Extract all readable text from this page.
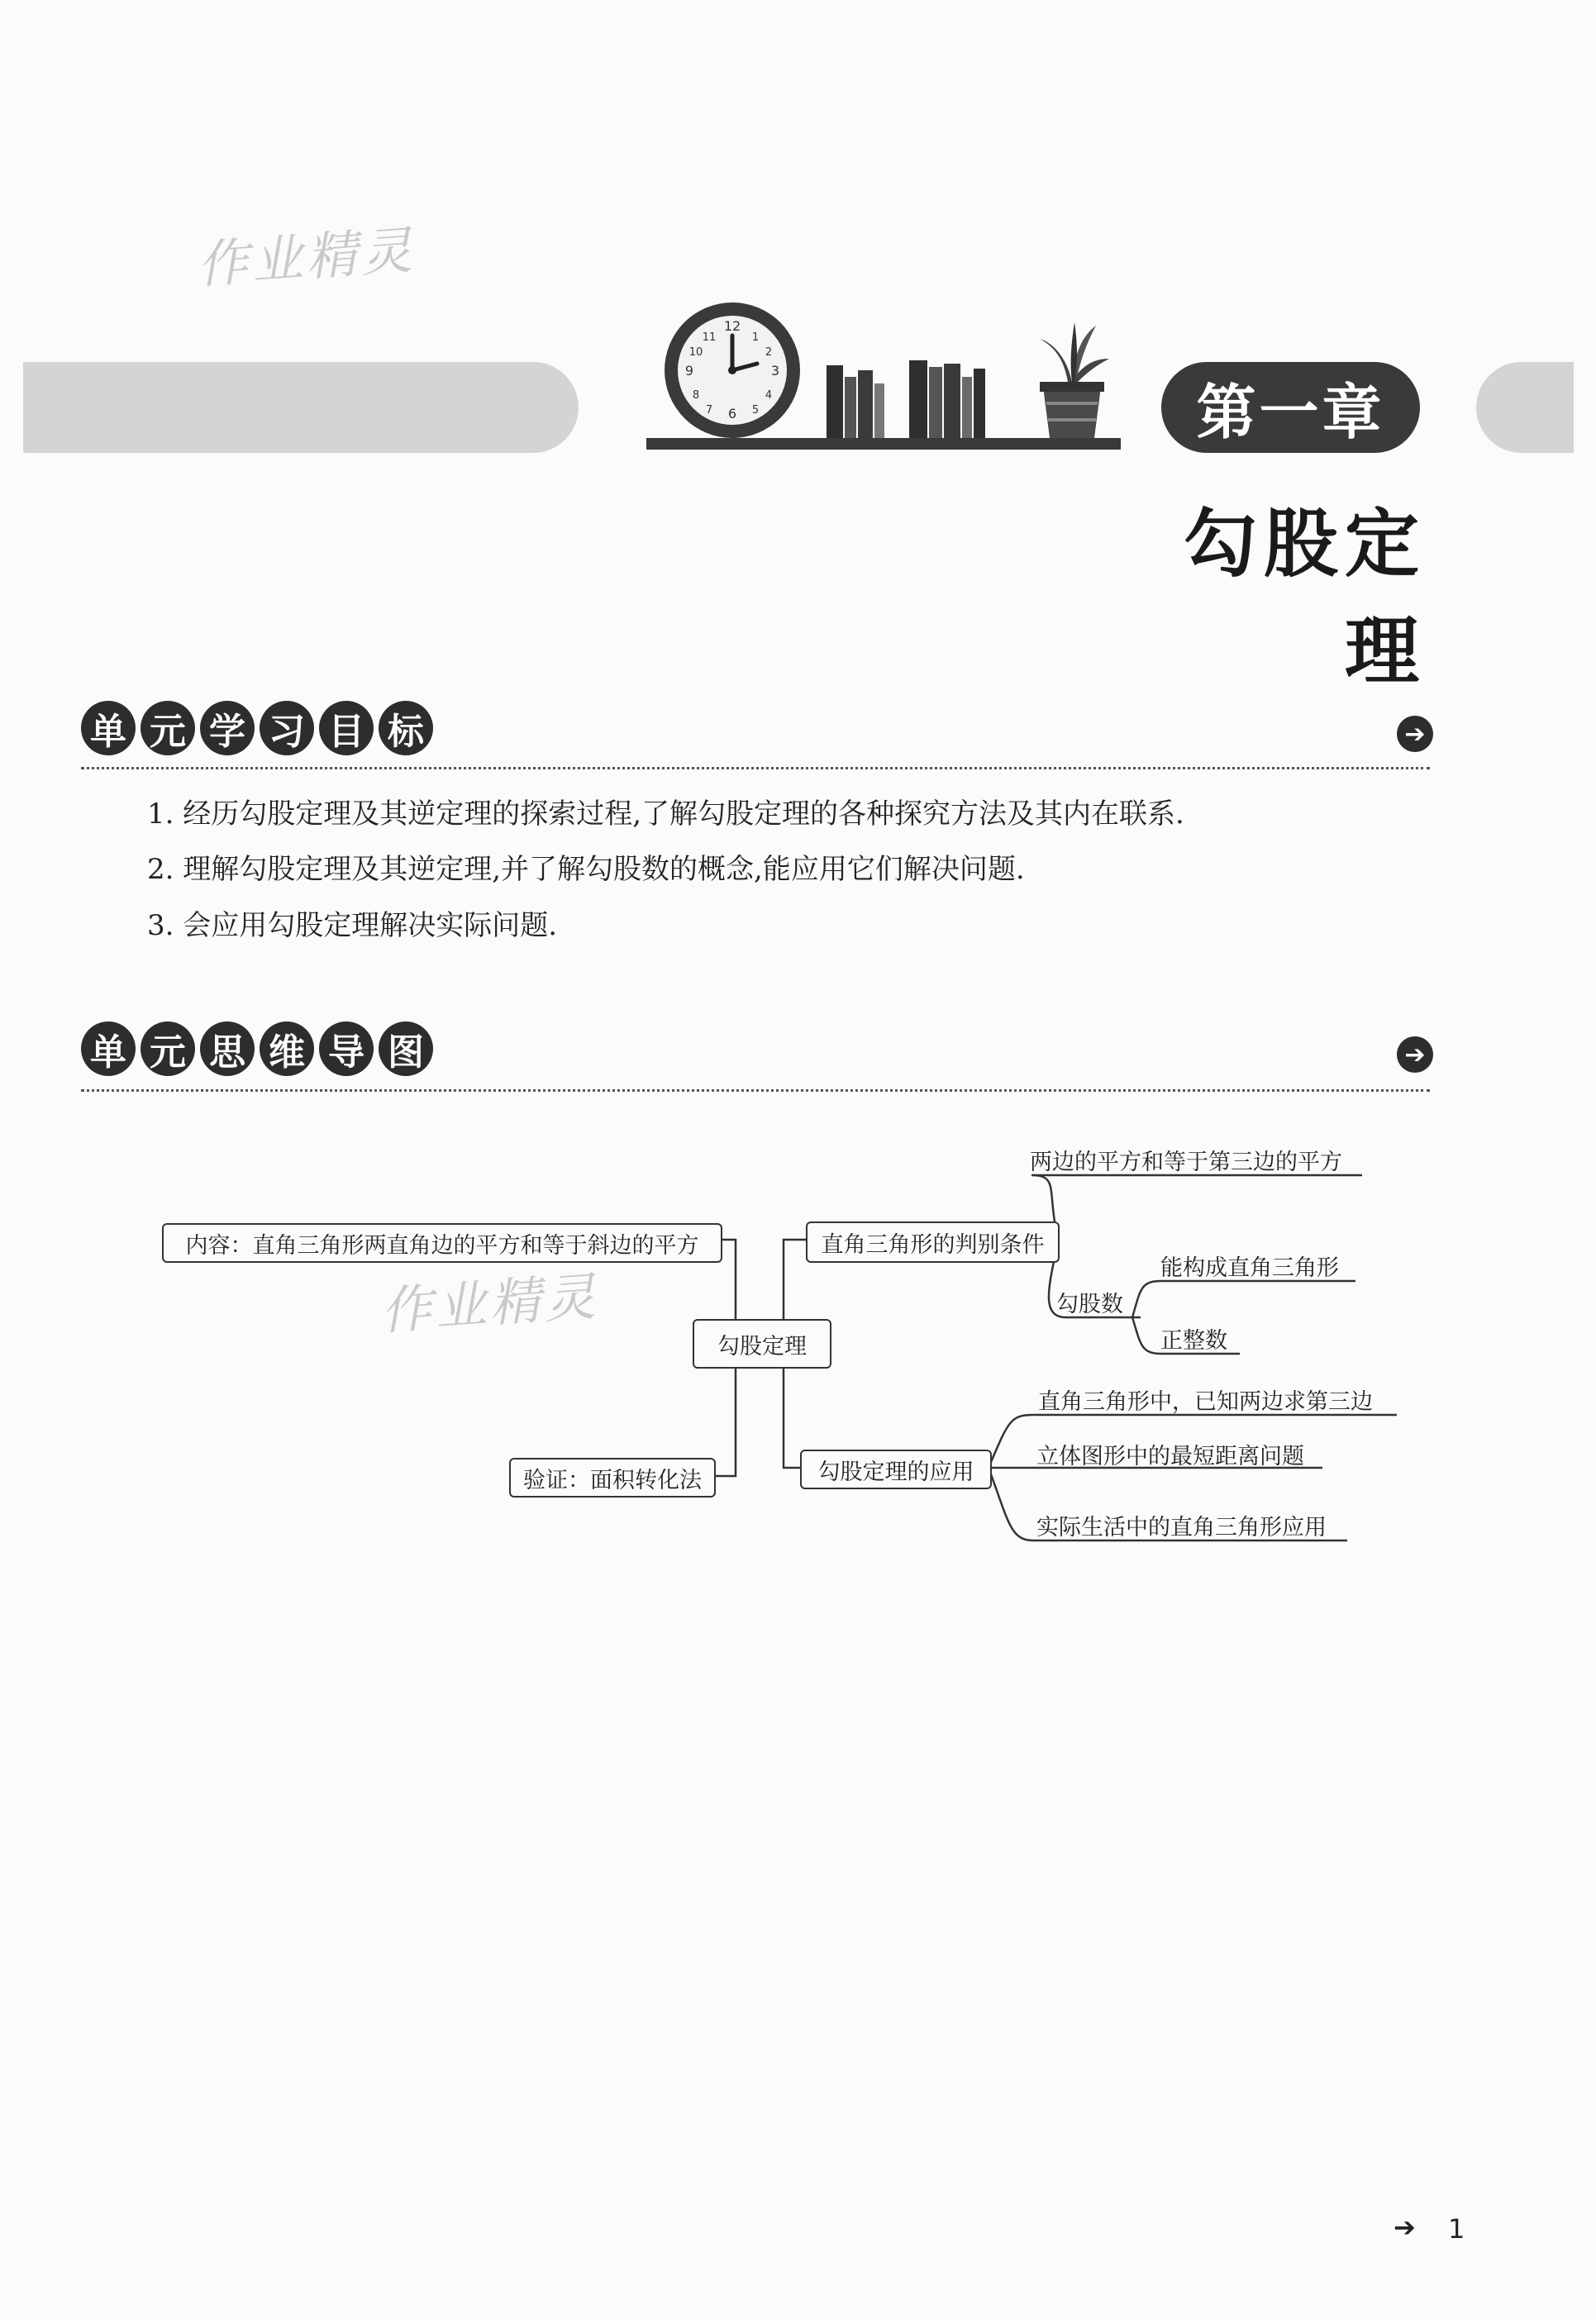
作业精灵
12
3
6
9
1
2
4
5
7
8
10
11
第一章
勾股定理
单 元 学 习 目 标	➔
1. 经历勾股定理及其逆定理的探索过程,了解勾股定理的各种探究方法及其内在联系.
2. 理解勾股定理及其逆定理,并了解勾股数的概念,能应用它们解决问题.
3. 会应用勾股定理解决实际问题.
单 元 思 维 导 图	➔
作业精灵
内容：直角三角形两直角边的平方和等于斜边的平方
验证：面积转化法
勾股定理
直角三角形的判别条件
勾股定理的应用
两边的平方和等于第三边的平方
勾股数
能构成直角三角形
正整数
直角三角形中，已知两边求第三边
立体图形中的最短距离问题
实际生活中的直角三角形应用
➔ 1
